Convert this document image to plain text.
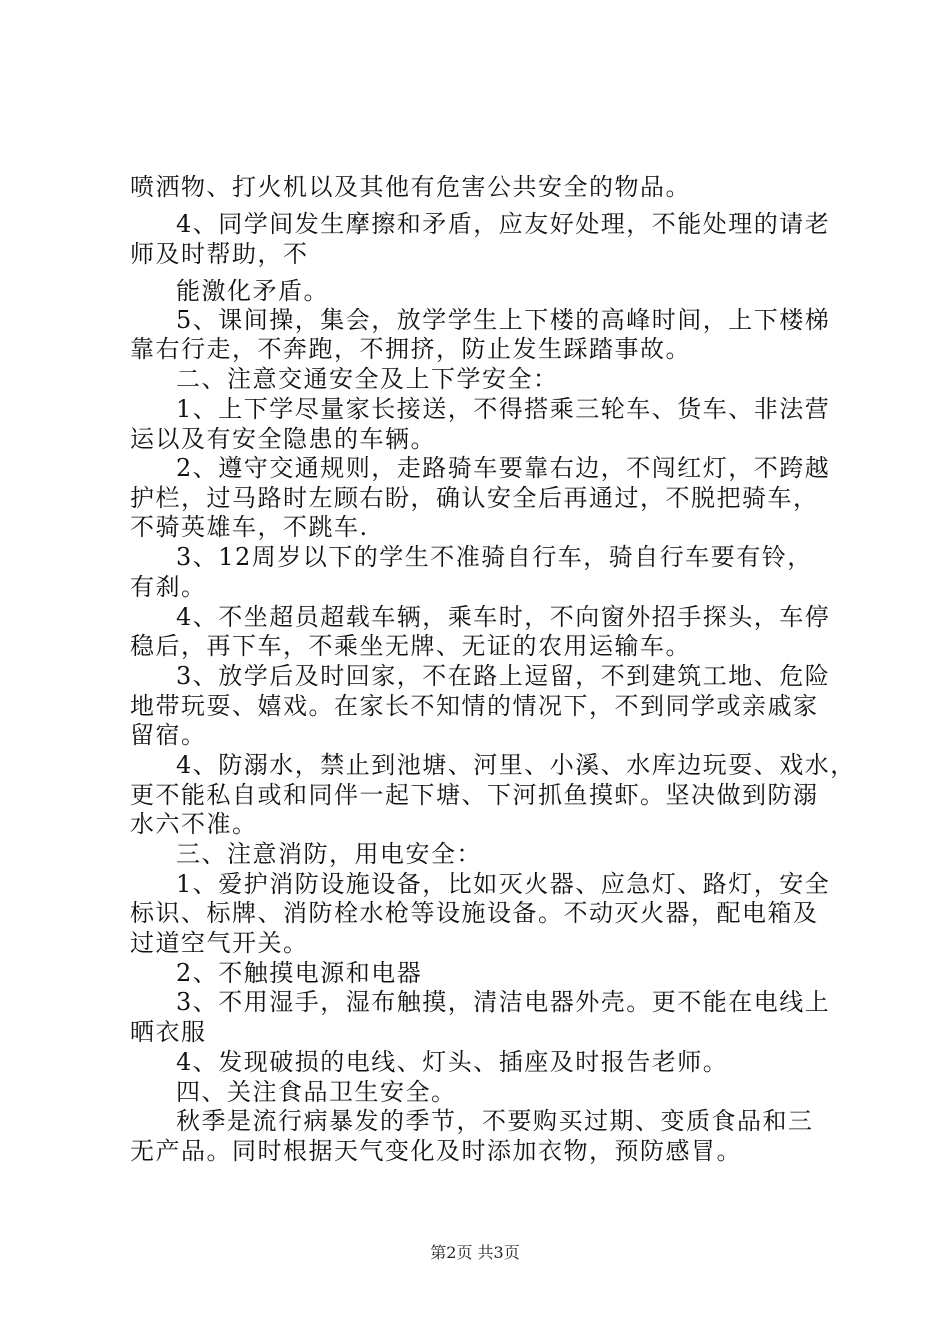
喷洒物、打火机以及其他有危害公共安全的物品。
4、同学间发生摩擦和矛盾，应友好处理，不能处理的请老
师及时帮助，不
能激化矛盾。
5、课间操，集会，放学学生上下楼的高峰时间，上下楼梯
靠右行走，不奔跑，不拥挤，防止发生踩踏事故。
二、注意交通安全及上下学安全：
1、上下学尽量家长接送，不得搭乘三轮车、货车、非法营
运以及有安全隐患的车辆。
2、遵守交通规则，走路骑车要靠右边，不闯红灯，不跨越
护栏，过马路时左顾右盼，确认安全后再通过，不脱把骑车，
不骑英雄车，不跳车.
3、12周岁以下的学生不准骑自行车，骑自行车要有铃，
有刹。
4、不坐超员超载车辆，乘车时，不向窗外招手探头，车停
稳后，再下车，不乘坐无牌、无证的农用运输车。
3、放学后及时回家，不在路上逗留，不到建筑工地、危险
地带玩耍、嬉戏。在家长不知情的情况下，不到同学或亲戚家
留宿。
4、防溺水，禁止到池塘、河里、小溪、水库边玩耍、戏水，
更不能私自或和同伴一起下塘、下河抓鱼摸虾。坚决做到防溺
水六不准。
三、注意消防，用电安全：
1、爱护消防设施设备，比如灭火器、应急灯、路灯，安全
标识、标牌、消防栓水枪等设施设备。不动灭火器，配电箱及
过道空气开关。
2、不触摸电源和电器
3、不用湿手，湿布触摸，清洁电器外壳。更不能在电线上
晒衣服
4、发现破损的电线、灯头、插座及时报告老师。
四、关注食品卫生安全。
秋季是流行病暴发的季节，不要购买过期、变质食品和三
无产品。同时根据天气变化及时添加衣物，预防感冒。
第2页 共3页
